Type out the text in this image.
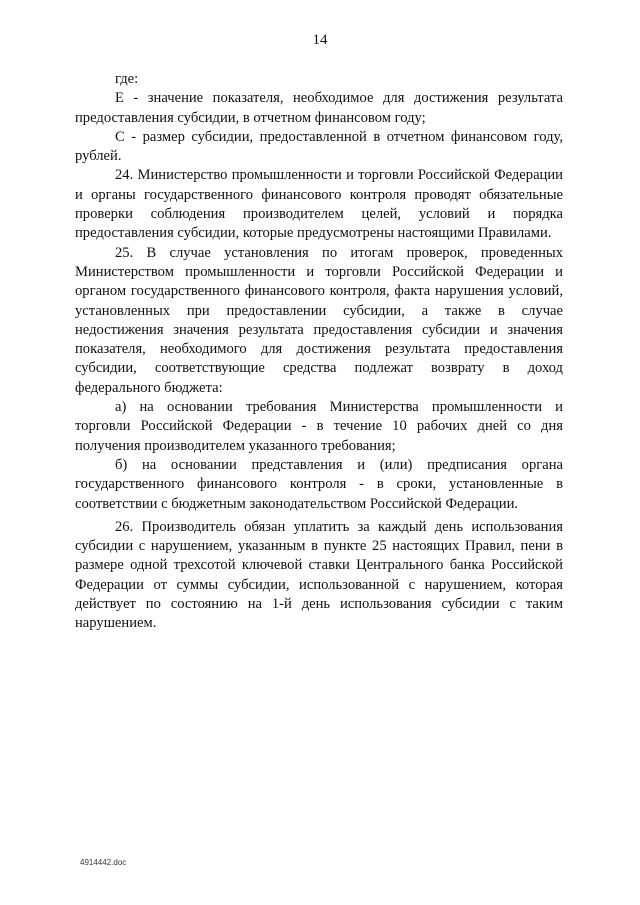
14

где:

Е - значение показателя, необходимое для достижения результата предоставления субсидии, в отчетном финансовом году;

С - размер субсидии, предоставленной в отчетном финансовом году, рублей.

24. Министерство промышленности и торговли Российской Федерации и органы государственного финансового контроля проводят обязательные проверки соблюдения производителем целей, условий и порядка предоставления субсидии, которые предусмотрены настоящими Правилами.

25. В случае установления по итогам проверок, проведенных Министерством промышленности и торговли Российской Федерации и органом государственного финансового контроля, факта нарушения условий, установленных при предоставлении субсидии, а также в случае недостижения значения результата предоставления субсидии и значения показателя, необходимого для достижения результата предоставления субсидии, соответствующие средства подлежат возврату в доход федерального бюджета:

а) на основании требования Министерства промышленности и торговли Российской Федерации - в течение 10 рабочих дней со дня получения производителем указанного требования;

б) на основании представления и (или) предписания органа государственного финансового контроля - в сроки, установленные в соответствии с бюджетным законодательством Российской Федерации.

26. Производитель обязан уплатить за каждый день использования субсидии с нарушением, указанным в пункте 25 настоящих Правил, пени в размере одной трехсотой ключевой ставки Центрального банка Российской Федерации от суммы субсидии, использованной с нарушением, которая действует по состоянию на 1-й день использования субсидии с таким нарушением.

4914442.doc
